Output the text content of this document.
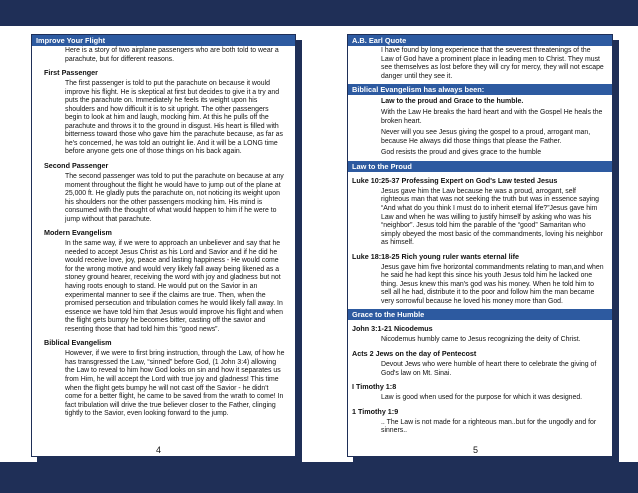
Improve Your Flight
Here is a story of two airplane passengers who are both told to wear a parachute, but for different reasons.
First Passenger
The first passenger is told to put the parachute on because it would improve his flight. He is skeptical at first but decides to give it a try and puts the parachute on. Immediately he feels its weight upon his shoulders and how difficult it is to sit upright. The other passengers begin to look at him and laugh, mocking him. At this he pulls off the parachute and throws it to the ground in disgust. His heart is filled with bitterness toward those who gave him the parachute because, as far as he's concerned, he was told an outright lie. And it will be a LONG time before anyone gets one of those things on his back again.
Second Passenger
The second passenger was told to put the parachute on because at any moment throughout the flight he would have to jump out of the plane at 25,000 ft. He gladly puts the parachute on, not noticing its weight upon his shoulders nor the other passengers mocking him. His mind is consumed with the thought of what would happen to him if he were to jump without that parachute.
Modern Evangelism
In the same way, if we were to approach an unbeliever and say that he needed to accept Jesus Christ as his Lord and Savior and if he did he would receive love, joy, peace and lasting happiness - He would come for the wrong motive and would very likely fall away being likened as a stoney ground hearer, receiving the word with joy and gladness but not having roots enough to stand. He would put on the Savior in an experimental manner to see if the claims are true. Then, when the promised persecution and tribulation comes he would likely fall away. In essence we have told him that Jesus would improve his flight and when the flight gets bumpy he becomes bitter, casting off the savior and resenting those that had told him this “good news”.
Biblical Evangelism
However, if we were to first bring instruction, through the Law, of how he has transgressed the Law, “sinned” before God, (1 John 3:4) allowing the Law to reveal to him how God looks on sin and how it separates us from Him, he will accept the Lord with true joy and gladness! This time when the flight gets bumpy he will not cast off the Savior - he didn't come for a better flight, he came to be saved from the wrath to come! In fact tribulation will drive the true believer closer to the Father, clinging tightly to the Savior, even looking forward to the jump.
4
A.B. Earl Quote
I have found by long experience that the severest threatenings of the Law of God have a prominent place in leading men to Christ. They must see themselves as lost before they will cry for mercy, they will not escape danger until they see it.
Biblical Evangelism has always been:
Law to the proud and Grace to the humble.
With the Law He breaks the hard heart and with the Gospel He heals the broken heart.
Never will you see Jesus giving the gospel to a proud, arrogant man, because He always did those things that please the Father.
God resists the proud and gives grace to the humble
Law to the Proud
Luke 10:25-37 Professing Expert on God's Law tested Jesus
Jesus gave him the Law because he was a proud, arrogant, self righteous man that was not seeking the truth but was in essence saying “And what do you think I must do to inherit eternal life?”Jesus gave him Law and when he was willing to justify himself by asking who was his “neighbor”. Jesus told him the parable of the “good” Samaritan who simply obeyed the most basic of the commandments, loving his neighbor as himself.
Luke 18:18-25 Rich young ruler wants eternal life
Jesus gave him five horizontal commandments relating to man,and when he said he had kept this since his youth Jesus told him he lacked one thing. Jesus knew this man's god was his money. When he told him to sell all he had, distribute it to the poor and follow him the man became very sorrowful because he loved his money more than God.
Grace to the Humble
John 3:1-21 Nicodemus
Nicodemus humbly came to Jesus recognizing the deity of Christ.
Acts 2 Jews on the day of Pentecost
Devout Jews who were humble of heart there to celebrate the giving of God's law on Mt. Sinai.
I Timothy 1:8
Law is good when used for the purpose for which it was designed.
1 Timothy 1:9
.. The Law is not made for a righteous man..but for the ungodly and for sinners..
5
